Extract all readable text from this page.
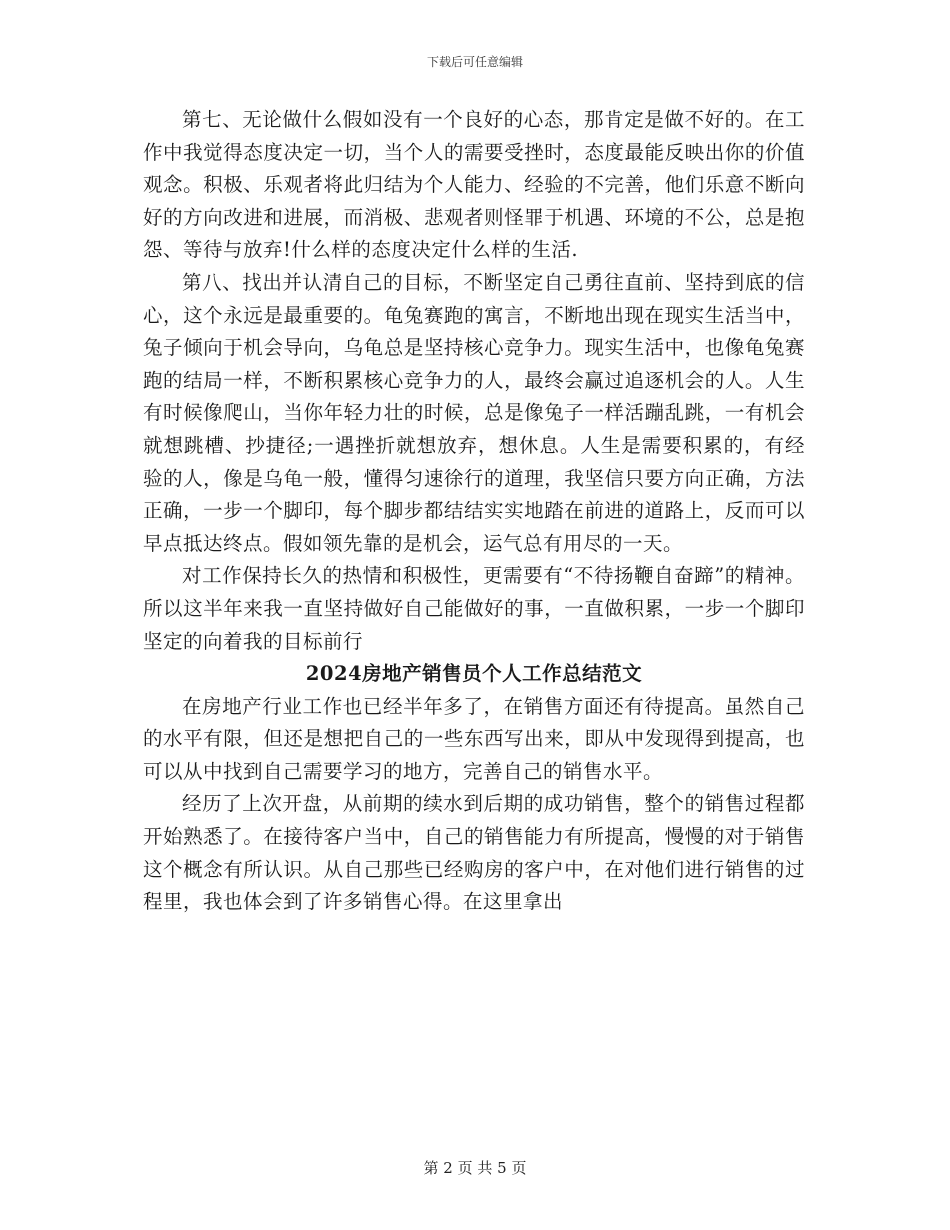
下载后可任意编辑

第七、无论做什么假如没有一个良好的心态，那肯定是做不好的。在工作中我觉得态度决定一切，当个人的需要受挫时，态度最能反映出你的价值观念。积极、乐观者将此归结为个人能力、经验的不完善，他们乐意不断向好的方向改进和进展，而消极、悲观者则怪罪于机遇、环境的不公，总是抱怨、等待与放弃!什么样的态度决定什么样的生活.

第八、找出并认清自己的目标，不断坚定自己勇往直前、坚持到底的信心，这个永远是最重要的。龟兔赛跑的寓言，不断地出现在现实生活当中，兔子倾向于机会导向，乌龟总是坚持核心竞争力。现实生活中，也像龟兔赛跑的结局一样，不断积累核心竞争力的人，最终会赢过追逐机会的人。人生有时候像爬山，当你年轻力壮的时候，总是像兔子一样活蹦乱跳，一有机会就想跳槽、抄捷径;一遇挫折就想放弃，想休息。人生是需要积累的，有经验的人，像是乌龟一般，懂得匀速徐行的道理，我坚信只要方向正确，方法正确，一步一个脚印，每个脚步都结结实实地踏在前进的道路上，反而可以早点抵达终点。假如领先靠的是机会，运气总有用尽的一天。

对工作保持长久的热情和积极性，更需要有“不待扬鞭自奋蹄”的精神。所以这半年来我一直坚持做好自己能做好的事，一直做积累，一步一个脚印坚定的向着我的目标前行

2024房地产销售员个人工作总结范文

在房地产行业工作也已经半年多了，在销售方面还有待提高。虽然自己的水平有限，但还是想把自己的一些东西写出来，即从中发现得到提高，也可以从中找到自己需要学习的地方，完善自己的销售水平。

经历了上次开盘，从前期的续水到后期的成功销售，整个的销售过程都开始熟悉了。在接待客户当中，自己的销售能力有所提高，慢慢的对于销售这个概念有所认识。从自己那些已经购房的客户中，在对他们进行销售的过程里，我也体会到了许多销售心得。在这里拿出

第 2 页 共 5 页
